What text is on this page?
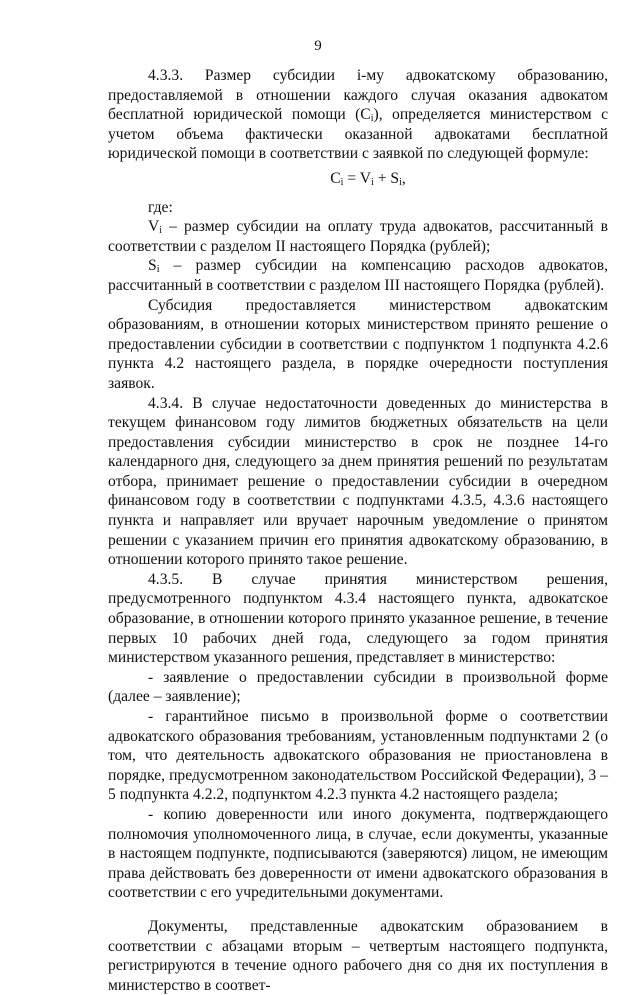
9

4.3.3. Размер субсидии i-му адвокатскому образованию, предоставляемой в отношении каждого случая оказания адвокатом бесплатной юридической помощи $(C_i)$, определяется министерством с учетом объема фактически оказанной адвокатами бесплатной юридической помощи в соответствии с заявкой по следующей формуле:

$C_i = V_i + S_i$,

где:

$V_i$ – размер субсидии на оплату труда адвокатов, рассчитанный в соответствии с разделом II настоящего Порядка (рублей);

$S_i$ – размер субсидии на компенсацию расходов адвокатов, рассчитанный в соответствии с разделом III настоящего Порядка (рублей).

Субсидия предоставляется министерством адвокатским образованиям, в отношении которых министерством принято решение о предоставлении субсидии в соответствии с подпунктом 1 подпункта 4.2.6 пункта 4.2 настоящего раздела, в порядке очередности поступления заявок.

4.3.4. В случае недостаточности доведенных до министерства в текущем финансовом году лимитов бюджетных обязательств на цели предоставления субсидии министерство в срок не позднее 14-го календарного дня, следующего за днем принятия решений по результатам отбора, принимает решение о предоставлении субсидии в очередном финансовом году в соответствии с подпунктами 4.3.5, 4.3.6 настоящего пункта и направляет или вручает нарочным уведомление о принятом решении с указанием причин его принятия адвокатскому образованию, в отношении которого принято такое решение.

4.3.5. В случае принятия министерством решения, предусмотренного подпунктом 4.3.4 настоящего пункта, адвокатское образование, в отношении которого принято указанное решение, в течение первых 10 рабочих дней года, следующего за годом принятия министерством указанного решения, представляет в министерство:

- заявление о предоставлении субсидии в произвольной форме (далее – заявление);

- гарантийное письмо в произвольной форме о соответствии адвокатского образования требованиям, установленным подпунктами 2 (о том, что деятельность адвокатского образования не приостановлена в порядке, предусмотренном законодательством Российской Федерации), 3 – 5 подпункта 4.2.2, подпунктом 4.2.3 пункта 4.2 настоящего раздела;

- копию доверенности или иного документа, подтверждающего полномочия уполномоченного лица, в случае, если документы, указанные в настоящем подпункте, подписываются (заверяются) лицом, не имеющим права действовать без доверенности от имени адвокатского образования в соответствии с его учредительными документами.

Документы, представленные адвокатским образованием в соответствии с абзацами вторым – четвертым настоящего подпункта, регистрируются в течение одного рабочего дня со дня их поступления в министерство в соответ-
